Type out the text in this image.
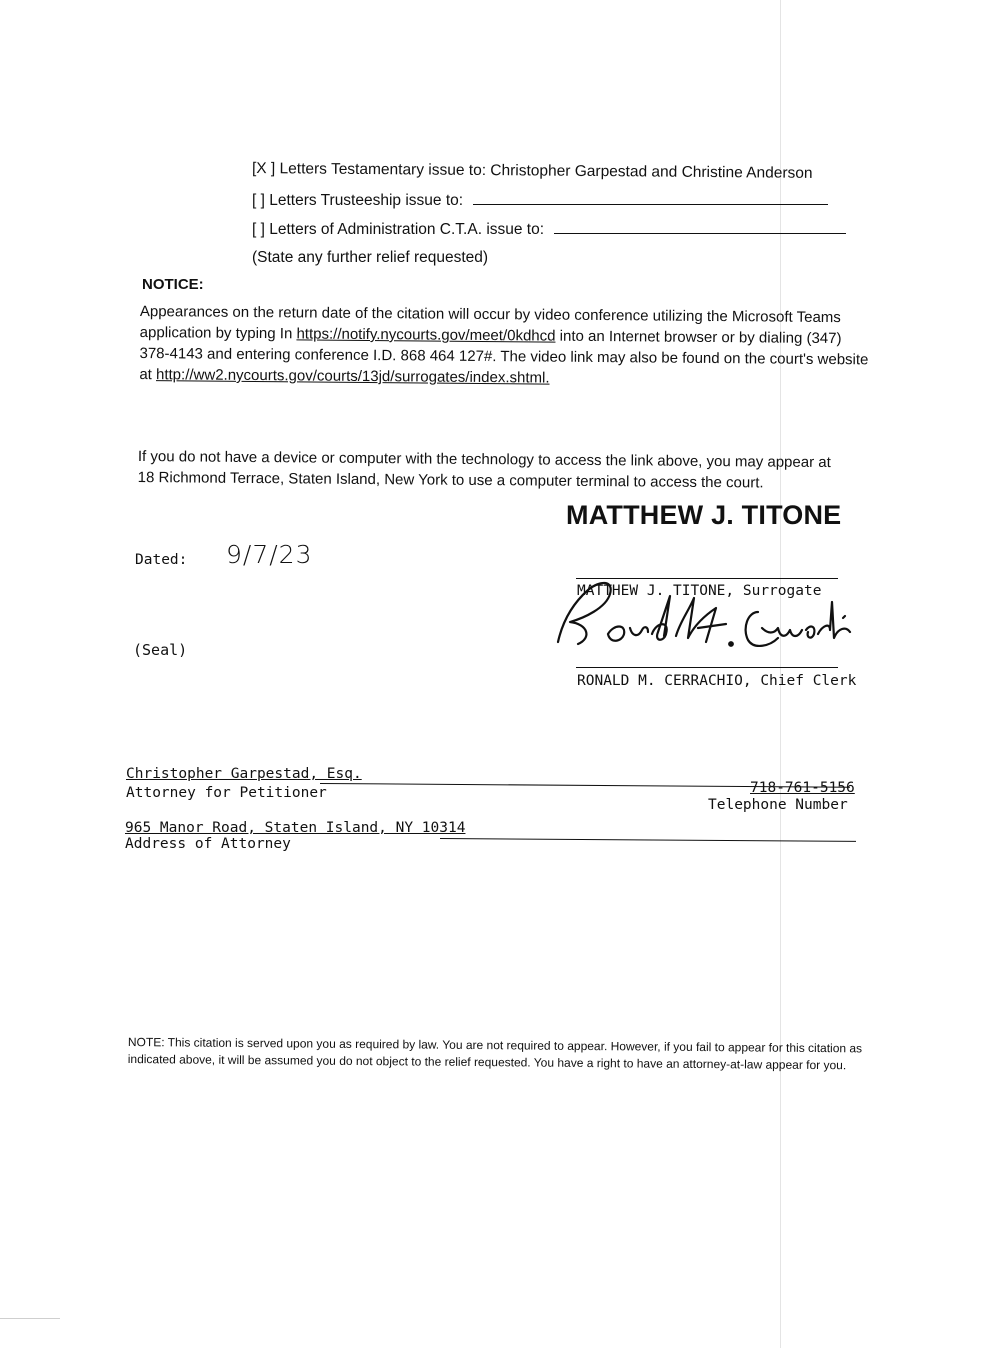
[X ] Letters Testamentary issue to: Christopher Garpestad and Christine Anderson
[ ] Letters Trusteeship issue to:
[ ] Letters of Administration C.T.A. issue to:
(State any further relief requested)
NOTICE:
Appearances on the return date of the citation will occur by video conference utilizing the Microsoft Teams application by typing In https://notify.nycourts.gov/meet/0kdhcd into an Internet browser or by dialing (347) 378-4143 and entering conference I.D. 868 464 127#. The video link may also be found on the court's website at http://ww2.nycourts.gov/courts/13jd/surrogates/index.shtml.
If you do not have a device or computer with the technology to access the link above, you may appear at 18 Richmond Terrace, Staten Island, New York to use a computer terminal to access the court.
MATTHEW J. TITONE
Dated: 9/7/23
MATTHEW J. TITONE, Surrogate
(Seal)
RONALD M. CERRACHIO, Chief Clerk
Christopher Garpestad, Esq.
718-761-5156
Attorney for Petitioner
Telephone Number
965 Manor Road, Staten Island, NY 10314
Address of Attorney
NOTE: This citation is served upon you as required by law. You are not required to appear. However, if you fail to appear for this citation as indicated above, it will be assumed you do not object to the relief requested. You have a right to have an attorney-at-law appear for you.
